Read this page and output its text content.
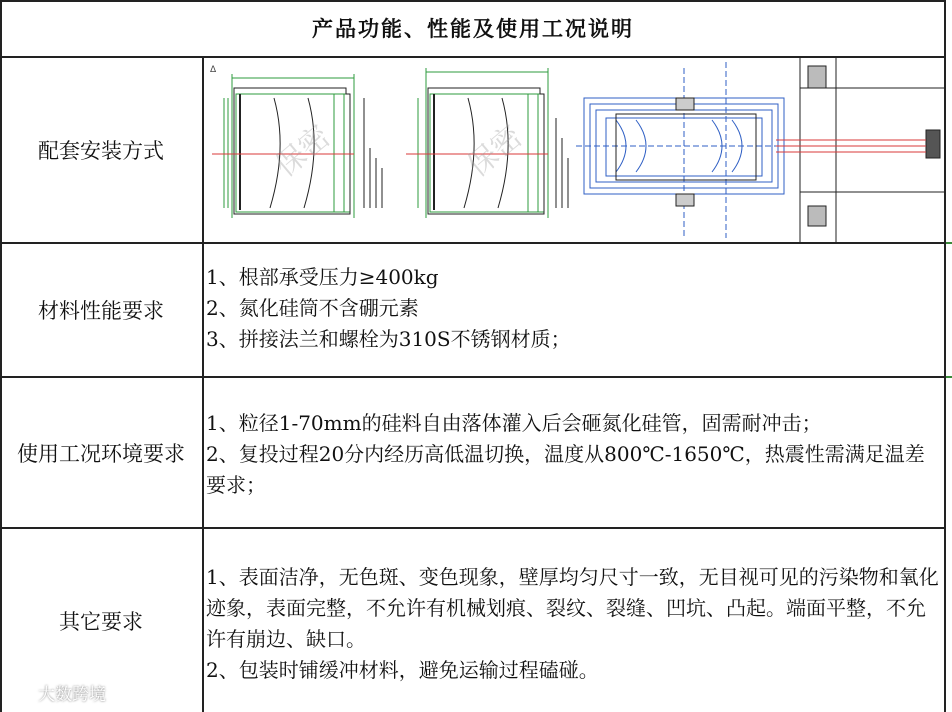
产品功能、性能及使用工况说明
配套安装方式	保密
Δ
保密
材料性能要求

1、根部承受压力≥400kg

2、氮化硅筒不含硼元素

3、拼接法兰和螺栓为310S不锈钢材质；

使用工况环境要求

1、粒径1-70mm的硅料自由落体灌入后会砸氮化硅管，固需耐冲击；

2、复投过程20分内经历高低温切换，温度从800℃-1650℃，热震性需满足温差要求；

其它要求

1、表面洁净，无色斑、变色现象，壁厚均匀尺寸一致，无目视可见的污染物和氧化迹象，表面完整，不允许有机械划痕、裂纹、裂缝、凹坑、凸起。端面平整，不允许有崩边、缺口。

2、包装时铺缓冲材料，避免运输过程磕碰。

大数跨境
